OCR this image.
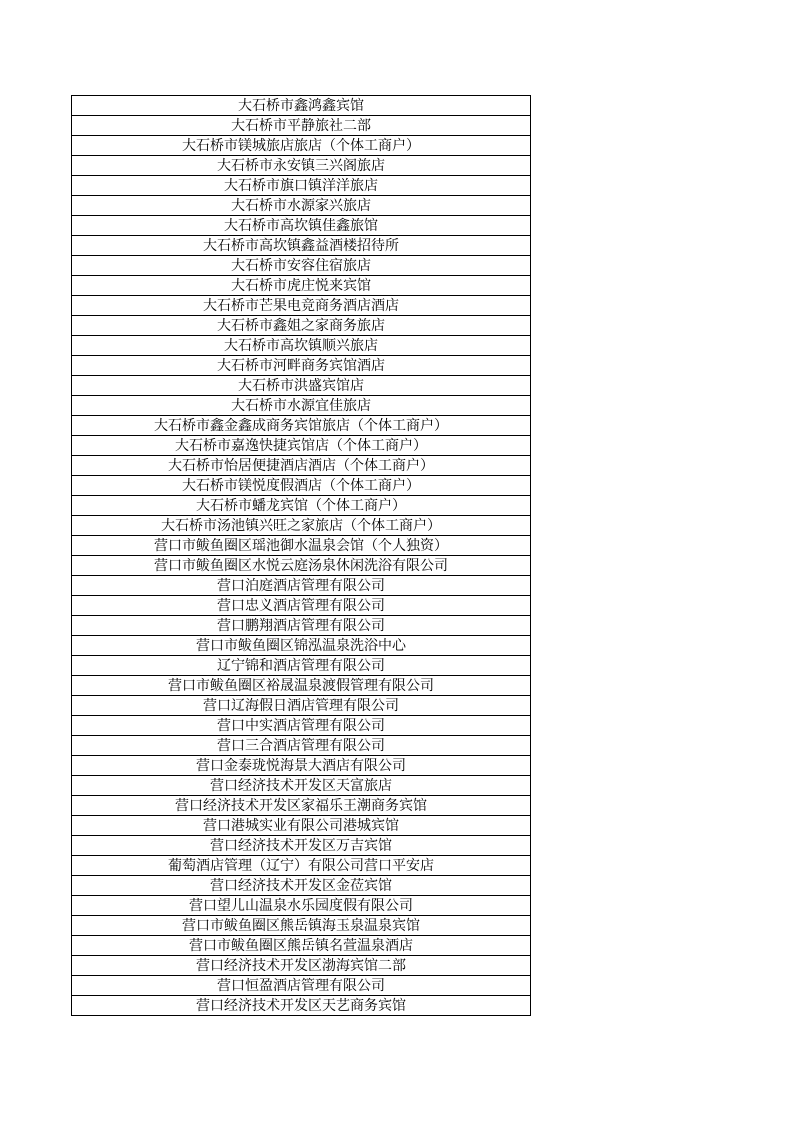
大石桥市鑫鸿鑫宾馆
大石桥市平静旅社二部
大石桥市镁城旅店旅店（个体工商户）
大石桥市永安镇三兴阁旅店
大石桥市旗口镇洋洋旅店
大石桥市水源家兴旅店
大石桥市高坎镇佳鑫旅馆
大石桥市高坎镇鑫益酒楼招待所
大石桥市安容住宿旅店
大石桥市虎庄悦来宾馆
大石桥市芒果电竞商务酒店酒店
大石桥市鑫姐之家商务旅店
大石桥市高坎镇顺兴旅店
大石桥市河畔商务宾馆酒店
大石桥市洪盛宾馆店
大石桥市水源宜佳旅店
大石桥市鑫金鑫成商务宾馆旅店（个体工商户）
大石桥市嘉逸快捷宾馆店（个体工商户）
大石桥市怡居便捷酒店酒店（个体工商户）
大石桥市镁悦度假酒店（个体工商户）
大石桥市蟠龙宾馆（个体工商户）
大石桥市汤池镇兴旺之家旅店（个体工商户）
营口市鲅鱼圈区瑶池御水温泉会馆（个人独资）
营口市鲅鱼圈区水悦云庭汤泉休闲洗浴有限公司
营口泊庭酒店管理有限公司
营口忠义酒店管理有限公司
营口鹏翔酒店管理有限公司
营口市鲅鱼圈区锦泓温泉洗浴中心
辽宁锦和酒店管理有限公司
营口市鲅鱼圈区裕晟温泉渡假管理有限公司
营口辽海假日酒店管理有限公司
营口中实酒店管理有限公司
营口三合酒店管理有限公司
营口金泰珑悦海景大酒店有限公司
营口经济技术开发区天富旅店
营口经济技术开发区家福乐王潮商务宾馆
营口港城实业有限公司港城宾馆
营口经济技术开发区万吉宾馆
葡萄酒店管理（辽宁）有限公司营口平安店
营口经济技术开发区金莅宾馆
营口望儿山温泉水乐园度假有限公司
营口市鲅鱼圈区熊岳镇海玉泉温泉宾馆
营口市鲅鱼圈区熊岳镇名萱温泉酒店
营口经济技术开发区渤海宾馆二部
营口恒盈酒店管理有限公司
营口经济技术开发区天艺商务宾馆
